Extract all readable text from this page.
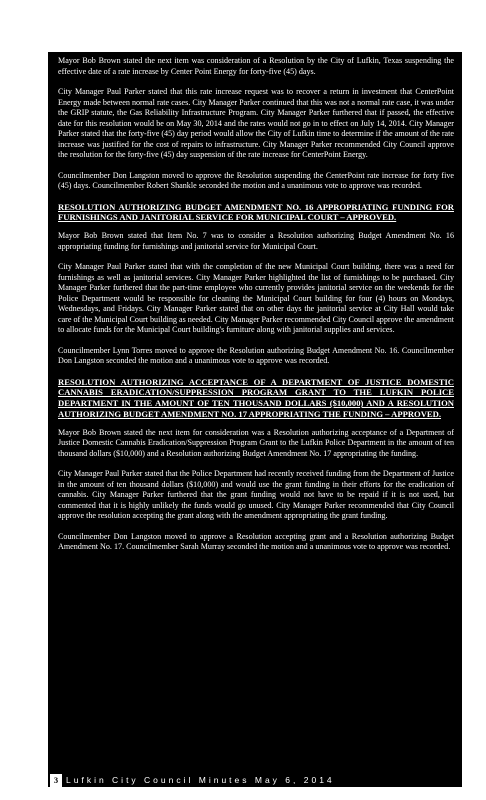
Mayor Bob Brown stated the next item was consideration of a Resolution by the City of Lufkin, Texas suspending the effective date of a rate increase by Center Point Energy for forty-five (45) days.

City Manager Paul Parker stated that this rate increase request was to recover a return in investment that CenterPoint Energy made between normal rate cases. City Manager Parker continued that this was not a normal rate case, it was under the GRIP statute, the Gas Reliability Infrastructure Program. City Manager Parker furthered that if passed, the effective date for this resolution would be on May 30, 2014 and the rates would not go in to effect on July 14, 2014. City Manager Parker stated that the forty-five (45) day period would allow the City of Lufkin time to determine if the amount of the rate increase was justified for the cost of repairs to infrastructure. City Manager Parker recommended City Council approve the resolution for the forty-five (45) day suspension of the rate increase for CenterPoint Energy.

Councilmember Don Langston moved to approve the Resolution suspending the CenterPoint rate increase for forty five (45) days. Councilmember Robert Shankle seconded the motion and a unanimous vote to approve was recorded.

7. RESOLUTION AUTHORIZING BUDGET AMENDMENT NO. 16 APPROPRIATING FUNDING FOR FURNISHINGS AND JANITORIAL SERVICE FOR MUNICIPAL COURT – APPROVED.

Mayor Bob Brown stated that Item No. 7 was to consider a Resolution authorizing Budget Amendment No. 16 appropriating funding for furnishings and janitorial service for Municipal Court.

City Manager Paul Parker stated that with the completion of the new Municipal Court building, there was a need for furnishings as well as janitorial services. City Manager Parker highlighted the list of furnishings to be purchased. City Manager Parker furthered that the part-time employee who currently provides janitorial service on the weekends for the Police Department would be responsible for cleaning the Municipal Court building for four (4) hours on Mondays, Wednesdays, and Fridays. City Manager Parker stated that on other days the janitorial service at City Hall would take care of the Municipal Court building as needed. City Manager Parker recommended City Council approve the amendment to allocate funds for the Municipal Court building's furniture along with janitorial supplies and services.

Councilmember Lynn Torres moved to approve the Resolution authorizing Budget Amendment No. 16. Councilmember Don Langston seconded the motion and a unanimous vote to approve was recorded.

8. RESOLUTION AUTHORIZING ACCEPTANCE OF A DEPARTMENT OF JUSTICE DOMESTIC CANNABIS ERADICATION/SUPPRESSION PROGRAM GRANT TO THE LUFKIN POLICE DEPARTMENT IN THE AMOUNT OF TEN THOUSAND DOLLARS ($10,000) AND A RESOLUTION AUTHORIZING BUDGET AMENDMENT NO. 17 APPROPRIATING THE FUNDING – APPROVED.

Mayor Bob Brown stated the next item for consideration was a Resolution authorizing acceptance of a Department of Justice Domestic Cannabis Eradication/Suppression Program Grant to the Lufkin Police Department in the amount of ten thousand dollars ($10,000) and a Resolution authorizing Budget Amendment No. 17 appropriating the funding.

City Manager Paul Parker stated that the Police Department had recently received funding from the Department of Justice in the amount of ten thousand dollars ($10,000) and would use the grant funding in their efforts for the eradication of cannabis. City Manager Parker furthered that the grant funding would not have to be repaid if it is not used, but commented that it is highly unlikely the funds would go unused. City Manager Parker recommended that City Council approve the resolution accepting the grant along with the amendment appropriating the grant funding.

Councilmember Don Langston moved to approve a Resolution accepting grant and a Resolution authorizing Budget Amendment No. 17. Councilmember Sarah Murray seconded the motion and a unanimous vote to approve was recorded.

3 Lufkin City Council Minutes May 6, 2014
